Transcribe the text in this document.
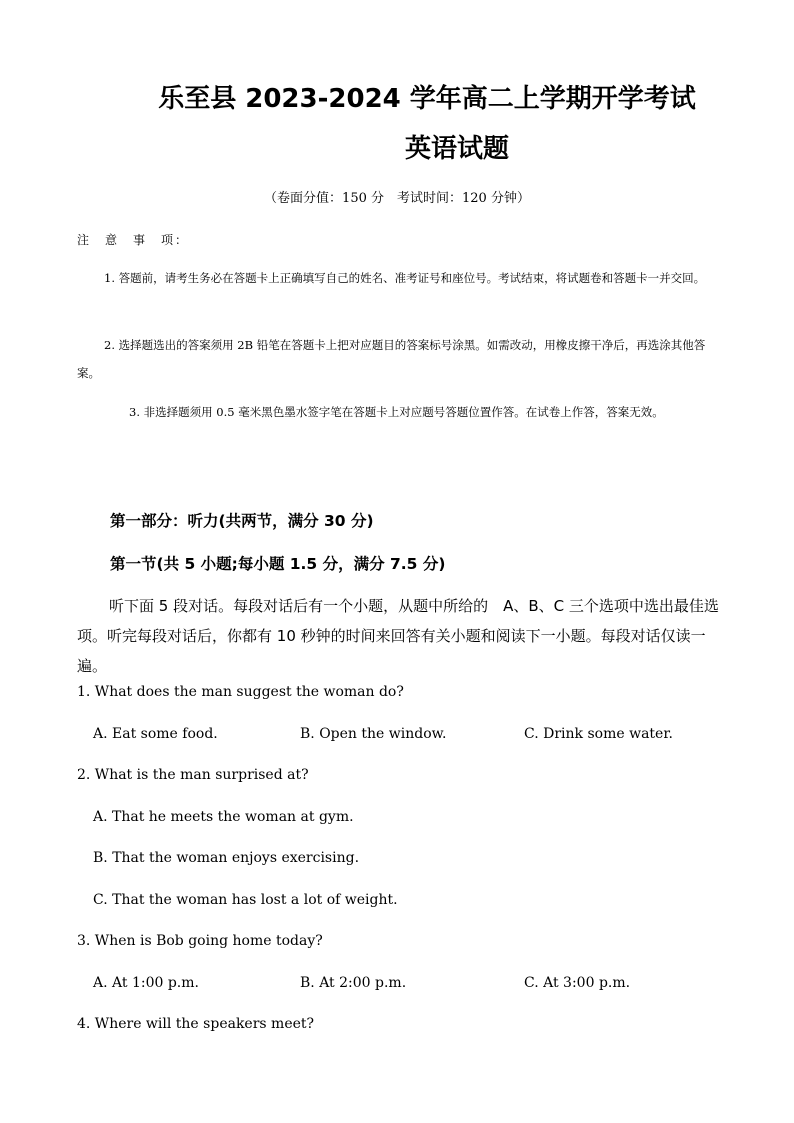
乐至县 2023-2024 学年高二上学期开学考试
英语试题
（卷面分值：150 分　考试时间：120 分钟）
注　意　事　项：
1. 答题前，请考生务必在答题卡上正确填写自己的姓名、准考证号和座位号。考试结束，将试题卷和答题卡一并交回。
2. 选择题选出的答案须用 2B 铅笔在答题卡上把对应题目的答案标号涂黑。如需改动，用橡皮擦干净后，再选涂其他答案。
3. 非选择题须用 0.5 毫米黑色墨水签字笔在答题卡上对应题号答题位置作答。在试卷上作答，答案无效。
第一部分：听力(共两节，满分 30 分)
第一节(共 5 小题;每小题 1.5 分，满分 7.5 分)
听下面 5 段对话。每段对话后有一个小题，从题中所给的　A、B、C 三个选项中选出最佳选项。听完每段对话后，你都有 10 秒钟的时间来回答有关小题和阅读下一小题。每段对话仅读一遍。
1. What does the man suggest the woman do?
A. Eat some food.	B. Open the window.	C. Drink some water.
2. What is the man surprised at?
A. That he meets the woman at gym.
B. That the woman enjoys exercising.
C. That the woman has lost a lot of weight.
3. When is Bob going home today?
A. At 1:00 p.m.	B. At 2:00 p.m.	C. At 3:00 p.m.
4. Where will the speakers meet?
